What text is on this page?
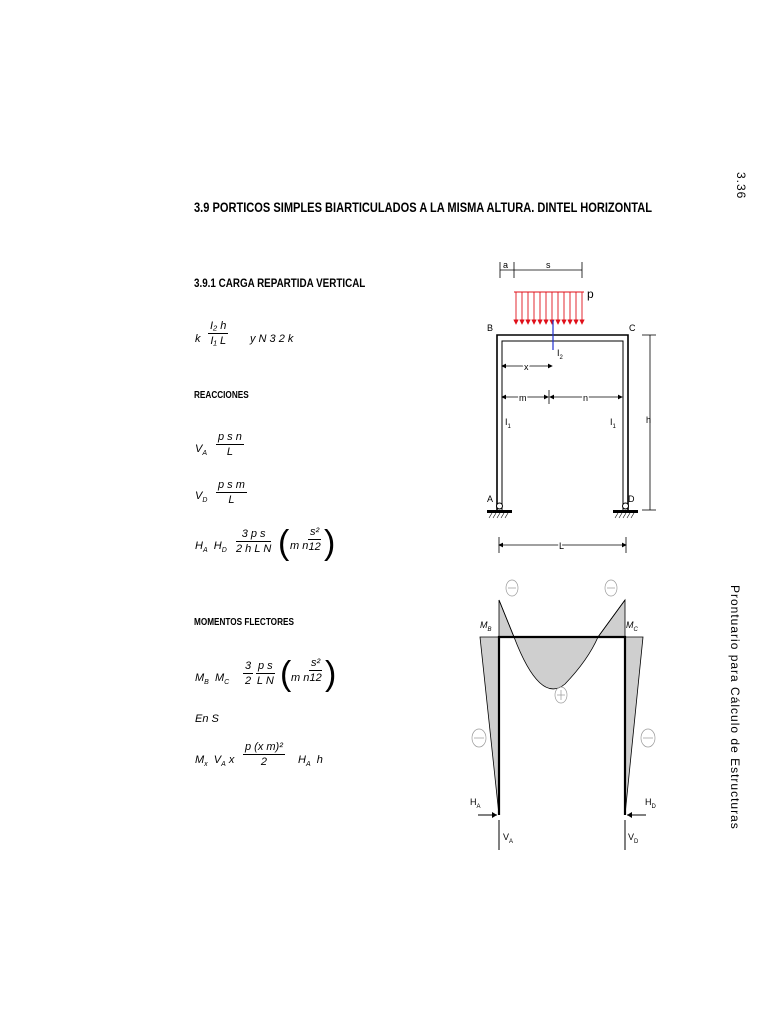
3.36
Prontuario para Cálculo de Estructuras
3.9 PORTICOS SIMPLES BIARTICULADOS A LA MISMA ALTURA. DINTEL HORIZONTAL
3.9.1 CARGA REPARTIDA VERTICAL
k $\frac{\text{I₂ h}}{\text{I₁ L}}$ y N 3 2 k
REACCIONES
$V_A \frac{\text{p s n}}{L}$
$V_D \frac{\text{p s m}}{L}$
$H_A$ $H_D \frac{\text{3 p s}}{\text{2 h L N}}$ ( m n $\frac{\text{s²}}{12}$ )
MOMENTOS FLECTORES
$M_B$ $M_C \frac{3}{2} \frac{\text{p s}}{\text{L N}}$ ( m n $\frac{\text{s²}}{12}$ )
En S
$M_x$ $V_A$ x $\frac{\text{p (x m)²}}{2} H_A$ h
a	s
p
B	C
$I_2$
x
m	n
$I_1$	$I_1$
h
A	D
L
$M_B$	$M_C$
$H_A$	$H_D$
$V_A$	$V_D$
